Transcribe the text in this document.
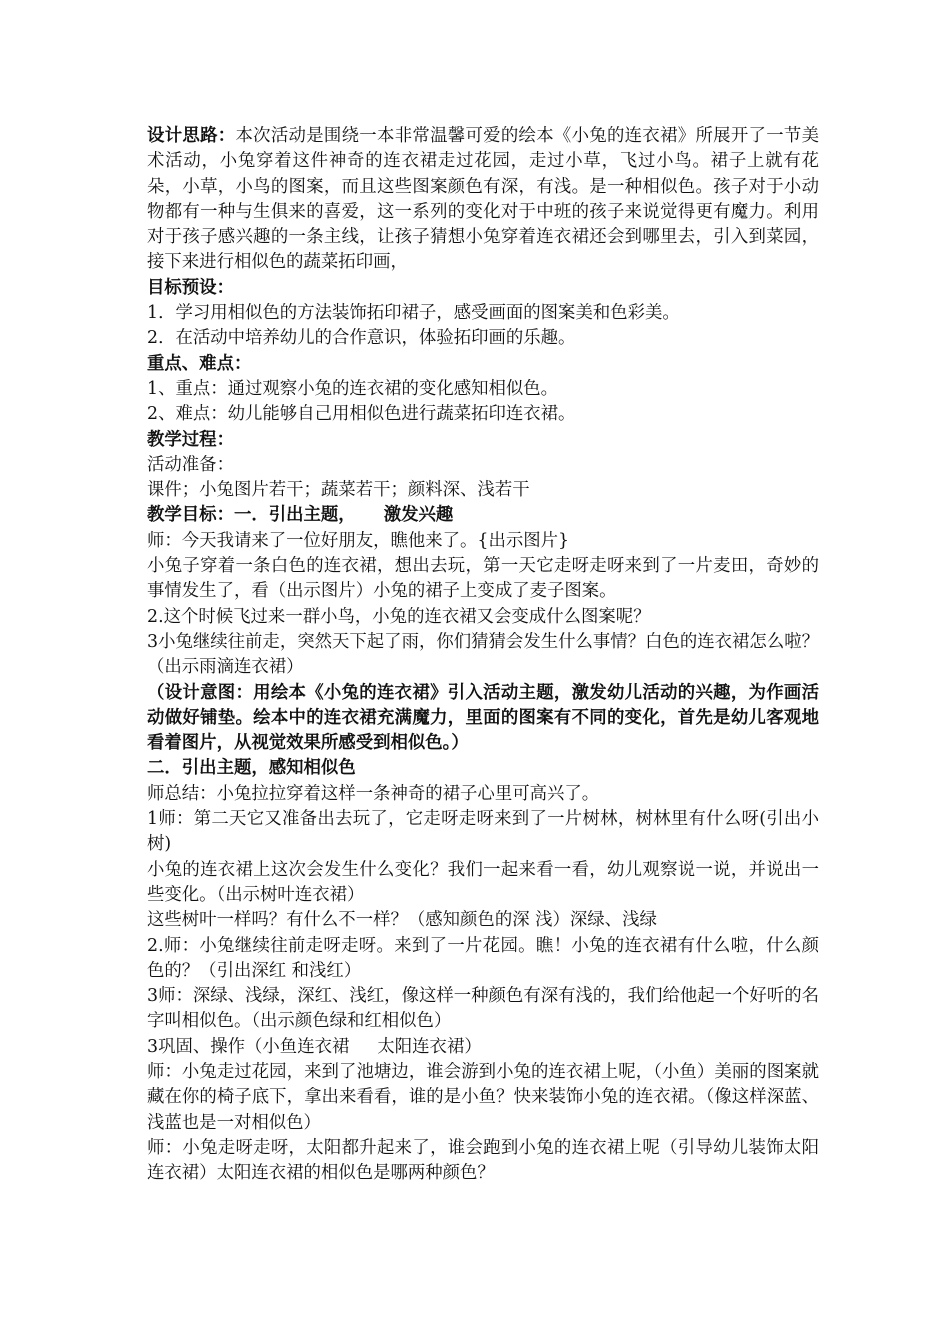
设计思路：本次活动是围绕一本非常温馨可爱的绘本《小兔的连衣裙》所展开了一节美术活动，小兔穿着这件神奇的连衣裙走过花园，走过小草，飞过小鸟。裙子上就有花朵，小草，小鸟的图案，而且这些图案颜色有深，有浅。是一种相似色。孩子对于小动物都有一种与生俱来的喜爱，这一系列的变化对于中班的孩子来说觉得更有魔力。利用对于孩子感兴趣的一条主线，让孩子猜想小兔穿着连衣裙还会到哪里去，引入到菜园，接下来进行相似色的蔬菜拓印画，

目标预设：

1．学习用相似色的方法装饰拓印裙子，感受画面的图案美和色彩美。

2．在活动中培养幼儿的合作意识，体验拓印画的乐趣。

重点、难点：

1、重点：通过观察小兔的连衣裙的变化感知相似色。

2、难点：幼儿能够自己用相似色进行蔬菜拓印连衣裙。

教学过程：

活动准备：

课件；小兔图片若干；蔬菜若干；颜料深、浅若干

教学目标：一．引出主题， 激发兴趣

师：今天我请来了一位好朋友，瞧他来了。{出示图片}

小兔子穿着一条白色的连衣裙，想出去玩，第一天它走呀走呀来到了一片麦田，奇妙的事情发生了，看（出示图片）小兔的裙子上变成了麦子图案。

2.这个时候飞过来一群小鸟，小兔的连衣裙又会变成什么图案呢？

3小兔继续往前走，突然天下起了雨，你们猜猜会发生什么事情？白色的连衣裙怎么啦？（出示雨滴连衣裙）

（设计意图：用绘本《小兔的连衣裙》引入活动主题，激发幼儿活动的兴趣，为作画活动做好铺垫。绘本中的连衣裙充满魔力，里面的图案有不同的变化，首先是幼儿客观地看着图片，从视觉效果所感受到相似色。）

二．引出主题，感知相似色

师总结：小兔拉拉穿着这样一条神奇的裙子心里可高兴了。

1师：第二天它又准备出去玩了，它走呀走呀来到了一片树林，树林里有什么呀(引出小树)

小兔的连衣裙上这次会发生什么变化？我们一起来看一看，幼儿观察说一说，并说出一些变化。（出示树叶连衣裙）

这些树叶一样吗？有什么不一样？（感知颜色的深 浅）深绿、浅绿

2.师：小兔继续往前走呀走呀。来到了一片花园。瞧！小兔的连衣裙有什么啦，什么颜色的？（引出深红 和浅红）

3师：深绿、浅绿，深红、浅红，像这样一种颜色有深有浅的，我们给他起一个好听的名字叫相似色。（出示颜色绿和红相似色）

3巩固、操作（小鱼连衣裙 太阳连衣裙）

师：小兔走过花园，来到了池塘边，谁会游到小兔的连衣裙上呢，（小鱼）美丽的图案就藏在你的椅子底下，拿出来看看，谁的是小鱼？快来装饰小兔的连衣裙。（像这样深蓝、浅蓝也是一对相似色）

师：小兔走呀走呀，太阳都升起来了，谁会跑到小兔的连衣裙上呢（引导幼儿装饰太阳连衣裙）太阳连衣裙的相似色是哪两种颜色？
